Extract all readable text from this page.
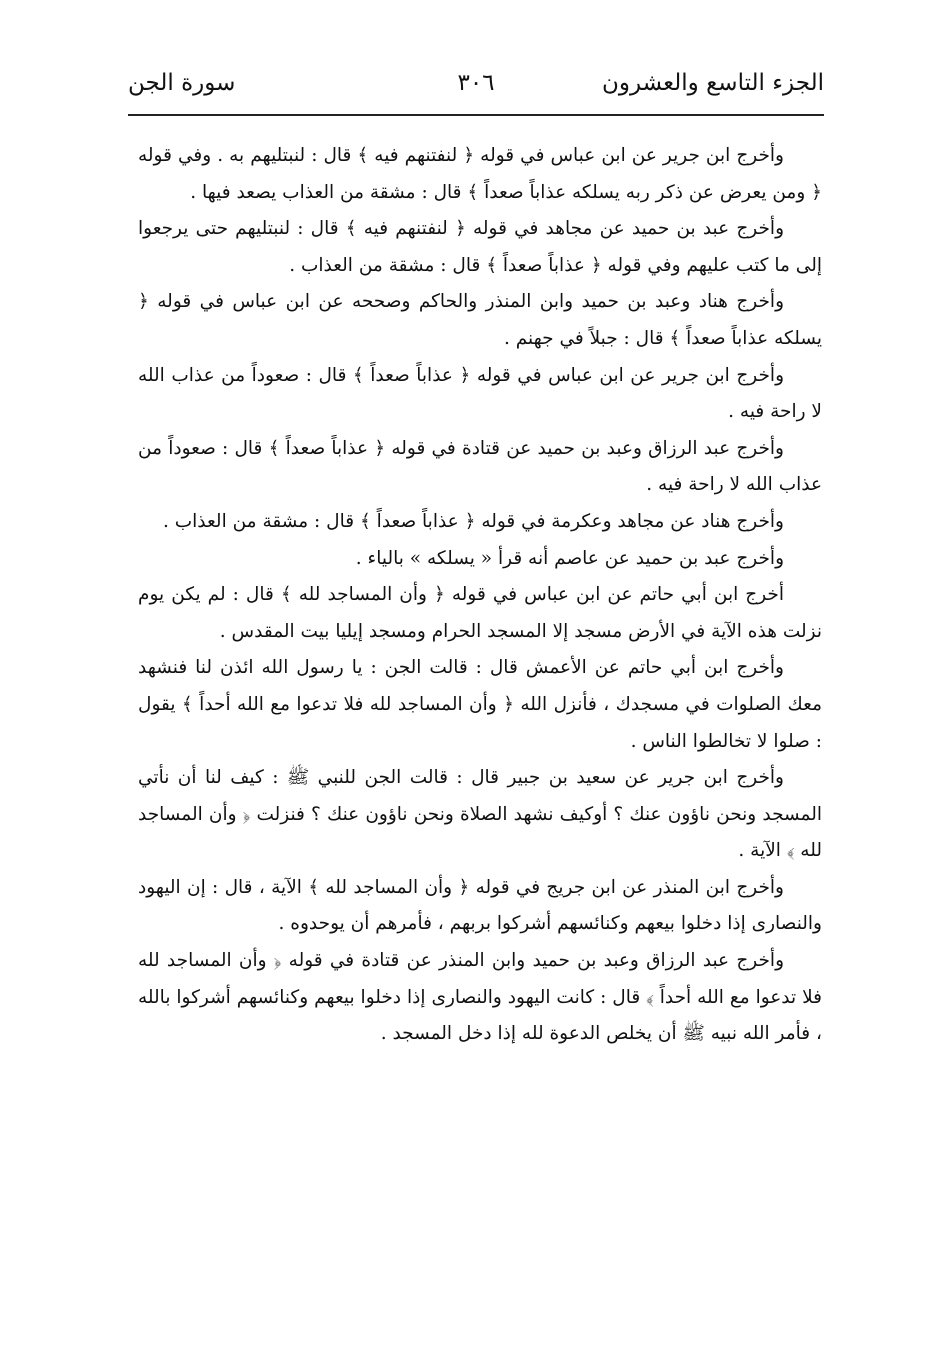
الجزء التاسع والعشرون
٣٠٦
سورة الجن

وأخرج ابن جرير عن ابن عباس في قوله ﴿ لنفتنهم فيه ﴾ قال : لنبتليهم به . وفي قوله ﴿ ومن يعرض عن ذكر ربه يسلكه عذاباً صعداً ﴾ قال : مشقة من العذاب يصعد فيها .

وأخرج عبد بن حميد عن مجاهد في قوله ﴿ لنفتنهم فيه ﴾ قال : لنبتليهم حتى يرجعوا إلى ما كتب عليهم وفي قوله ﴿ عذاباً صعداً ﴾ قال : مشقة من العذاب .

وأخرج هناد وعبد بن حميد وابن المنذر والحاكم وصححه عن ابن عباس في قوله ﴿ يسلكه عذاباً صعداً ﴾ قال : جبلاً في جهنم .

وأخرج ابن جرير عن ابن عباس في قوله ﴿ عذاباً صعداً ﴾ قال : صعوداً من عذاب الله لا راحة فيه .

وأخرج عبد الرزاق وعبد بن حميد عن قتادة في قوله ﴿ عذاباً صعداً ﴾ قال : صعوداً من عذاب الله لا راحة فيه .

وأخرج هناد عن مجاهد وعكرمة في قوله ﴿ عذاباً صعداً ﴾ قال : مشقة من العذاب .

وأخرج عبد بن حميد عن عاصم أنه قرأ « يسلكه » بالياء .

أخرج ابن أبي حاتم عن ابن عباس في قوله ﴿ وأن المساجد لله ﴾ قال : لم يكن يوم نزلت هذه الآية في الأرض مسجد إلا المسجد الحرام ومسجد إيليا بيت المقدس .

وأخرج ابن أبي حاتم عن الأعمش قال : قالت الجن : يا رسول الله ائذن لنا فنشهد معك الصلوات في مسجدك ، فأنزل الله ﴿ وأن المساجد لله فلا تدعوا مع الله أحداً ﴾ يقول : صلوا لا تخالطوا الناس .

وأخرج ابن جرير عن سعيد بن جبير قال : قالت الجن للنبي ﷺ : كيف لنا أن نأتي المسجد ونحن ناؤون عنك ؟ أوكيف نشهد الصلاة ونحن ناؤون عنك ؟ فنزلت ﴿ وأن المساجد لله ﴾ الآية .

وأخرج ابن المنذر عن ابن جريج في قوله ﴿ وأن المساجد لله ﴾ الآية ، قال : إن اليهود والنصارى إذا دخلوا بيعهم وكنائسهم أشركوا بربهم ، فأمرهم أن يوحدوه .

وأخرج عبد الرزاق وعبد بن حميد وابن المنذر عن قتادة في قوله ﴿ وأن المساجد لله فلا تدعوا مع الله أحداً ﴾ قال : كانت اليهود والنصارى إذا دخلوا بيعهم وكنائسهم أشركوا بالله ، فأمر الله نبيه ﷺ أن يخلص الدعوة لله إذا دخل المسجد .
